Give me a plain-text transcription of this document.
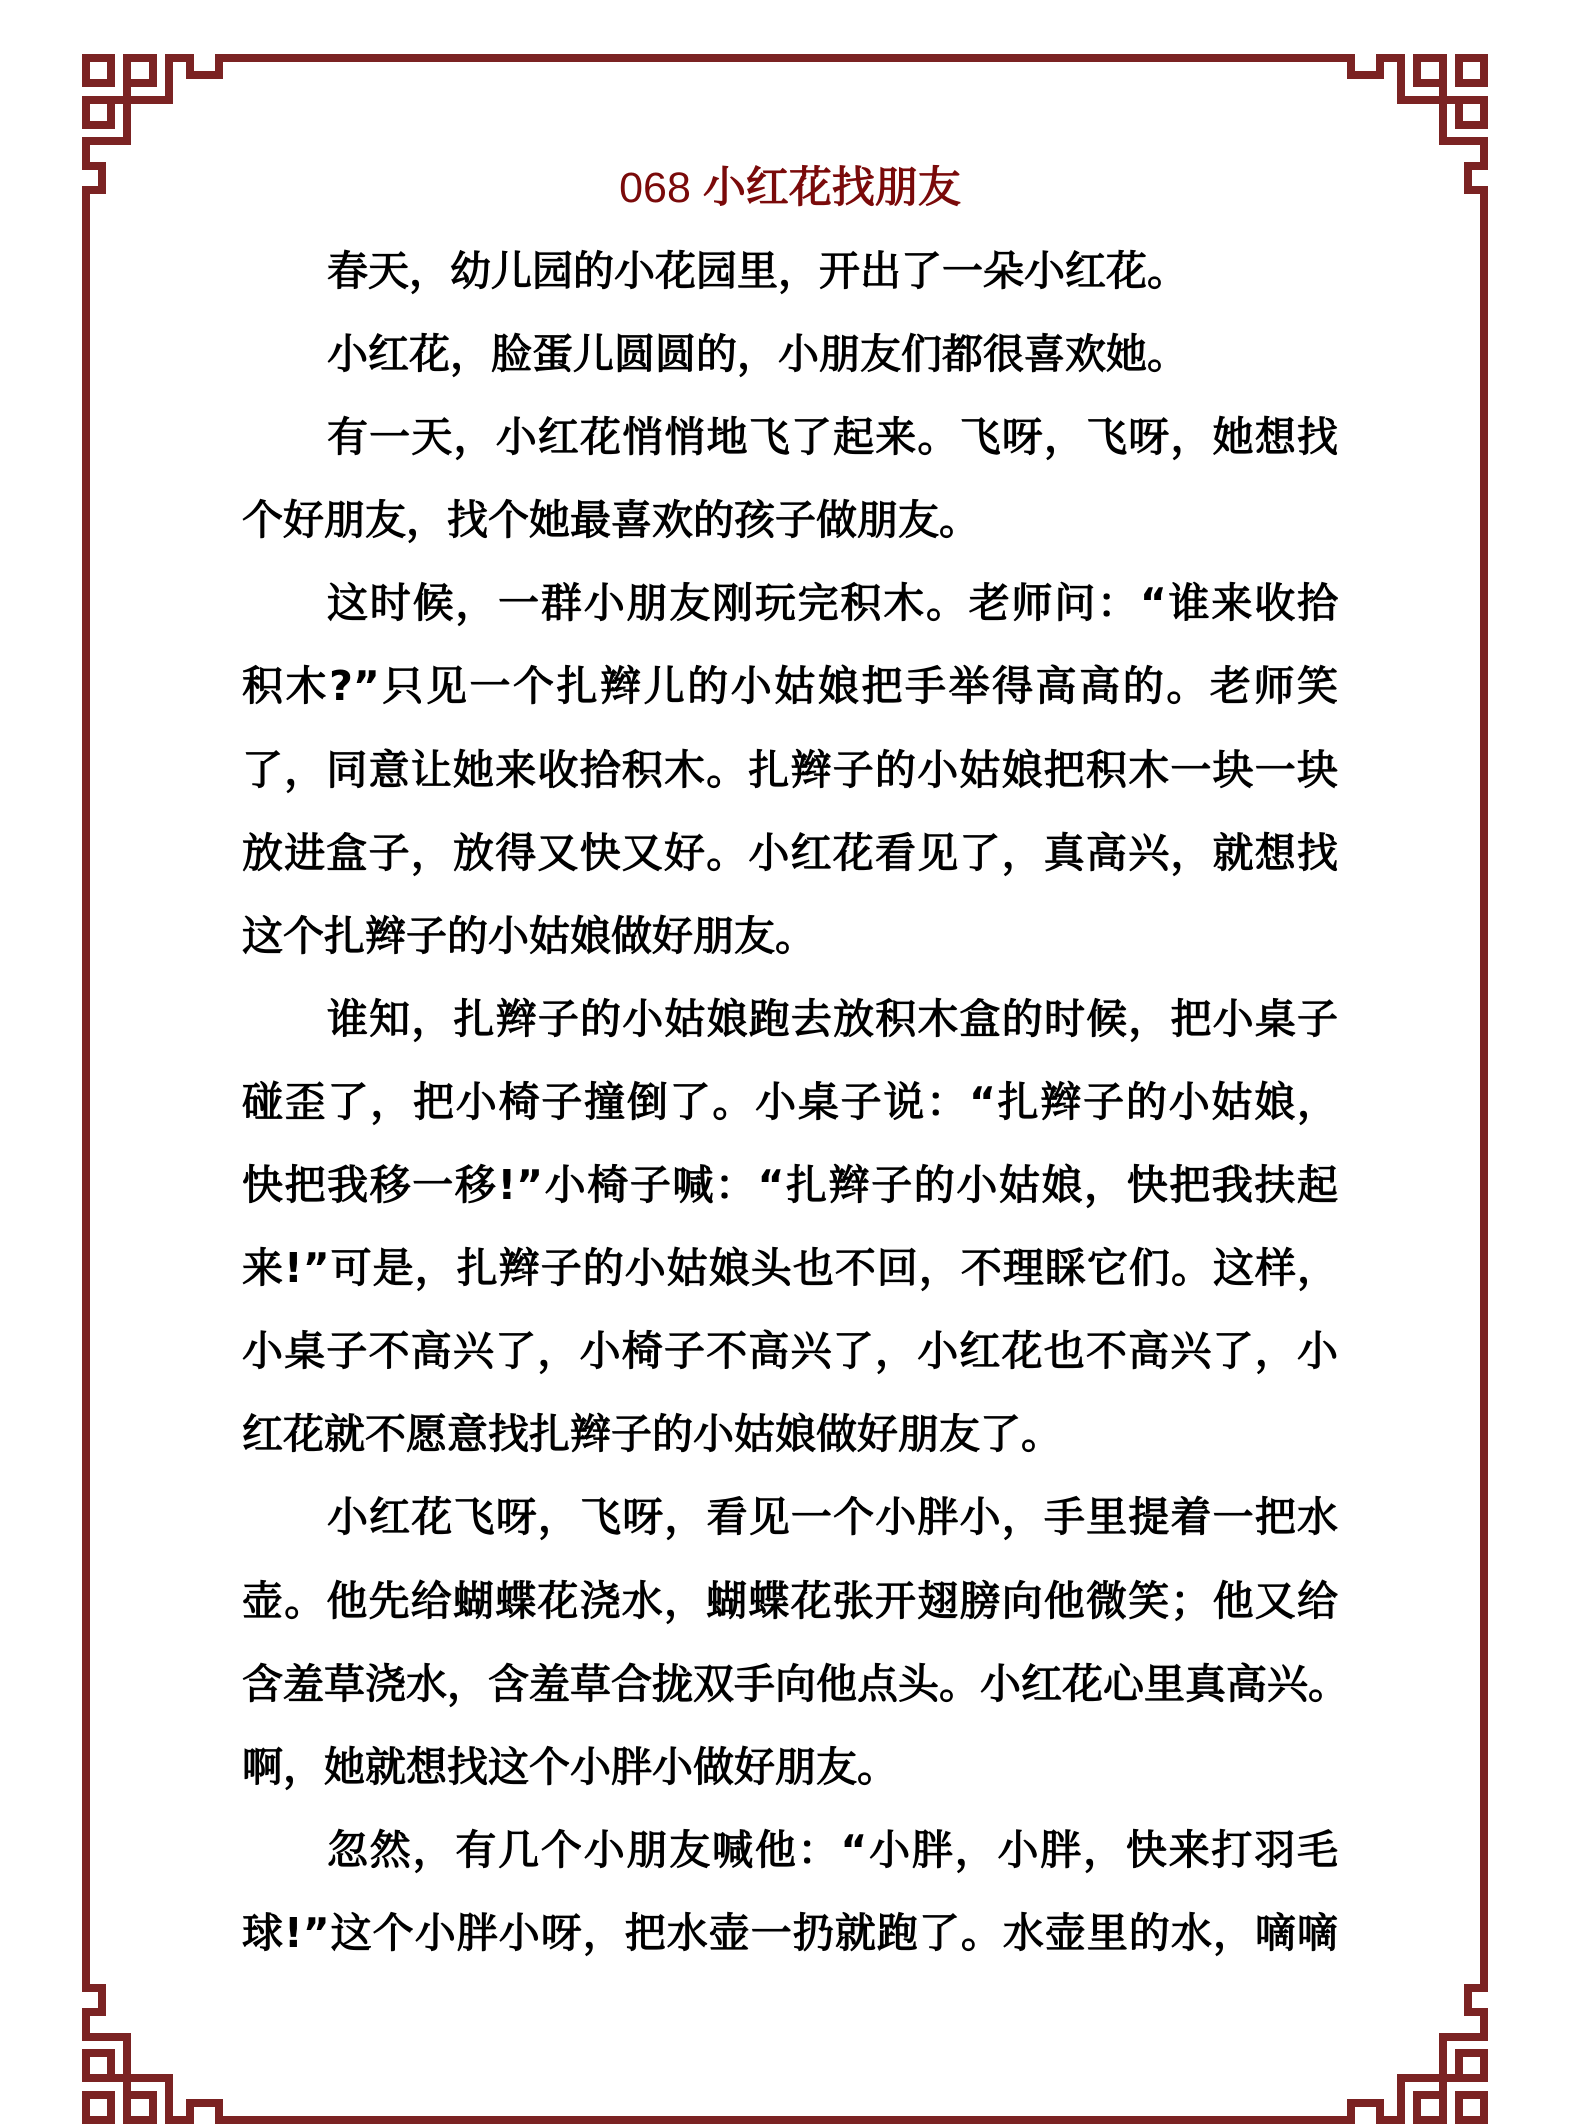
068 小红花找朋友
春天，幼儿园的小花园里，开出了一朵小红花。
小红花，脸蛋儿圆圆的，小朋友们都很喜欢她。
有一天，小红花悄悄地飞了起来。飞呀，飞呀，她想找
个好朋友，找个她最喜欢的孩子做朋友。
这时候，一群小朋友刚玩完积木。老师问：“谁来收拾
积木?”只见一个扎辫儿的小姑娘把手举得高高的。老师笑
了，同意让她来收拾积木。扎辫子的小姑娘把积木一块一块
放进盒子，放得又快又好。小红花看见了，真高兴，就想找
这个扎辫子的小姑娘做好朋友。
谁知，扎辫子的小姑娘跑去放积木盒的时候，把小桌子
碰歪了，把小椅子撞倒了。小桌子说：“扎辫子的小姑娘，
快把我移一移!”小椅子喊：“扎辫子的小姑娘，快把我扶起
来!”可是，扎辫子的小姑娘头也不回，不理睬它们。这样，
小桌子不高兴了，小椅子不高兴了，小红花也不高兴了，小
红花就不愿意找扎辫子的小姑娘做好朋友了。
小红花飞呀，飞呀，看见一个小胖小，手里提着一把水
壶。他先给蝴蝶花浇水，蝴蝶花张开翅膀向他微笑；他又给
含羞草浇水，含羞草合拢双手向他点头。小红花心里真高兴。
啊，她就想找这个小胖小做好朋友。
忽然，有几个小朋友喊他：“小胖，小胖，快来打羽毛
球!”这个小胖小呀，把水壶一扔就跑了。水壶里的水，嘀嘀
